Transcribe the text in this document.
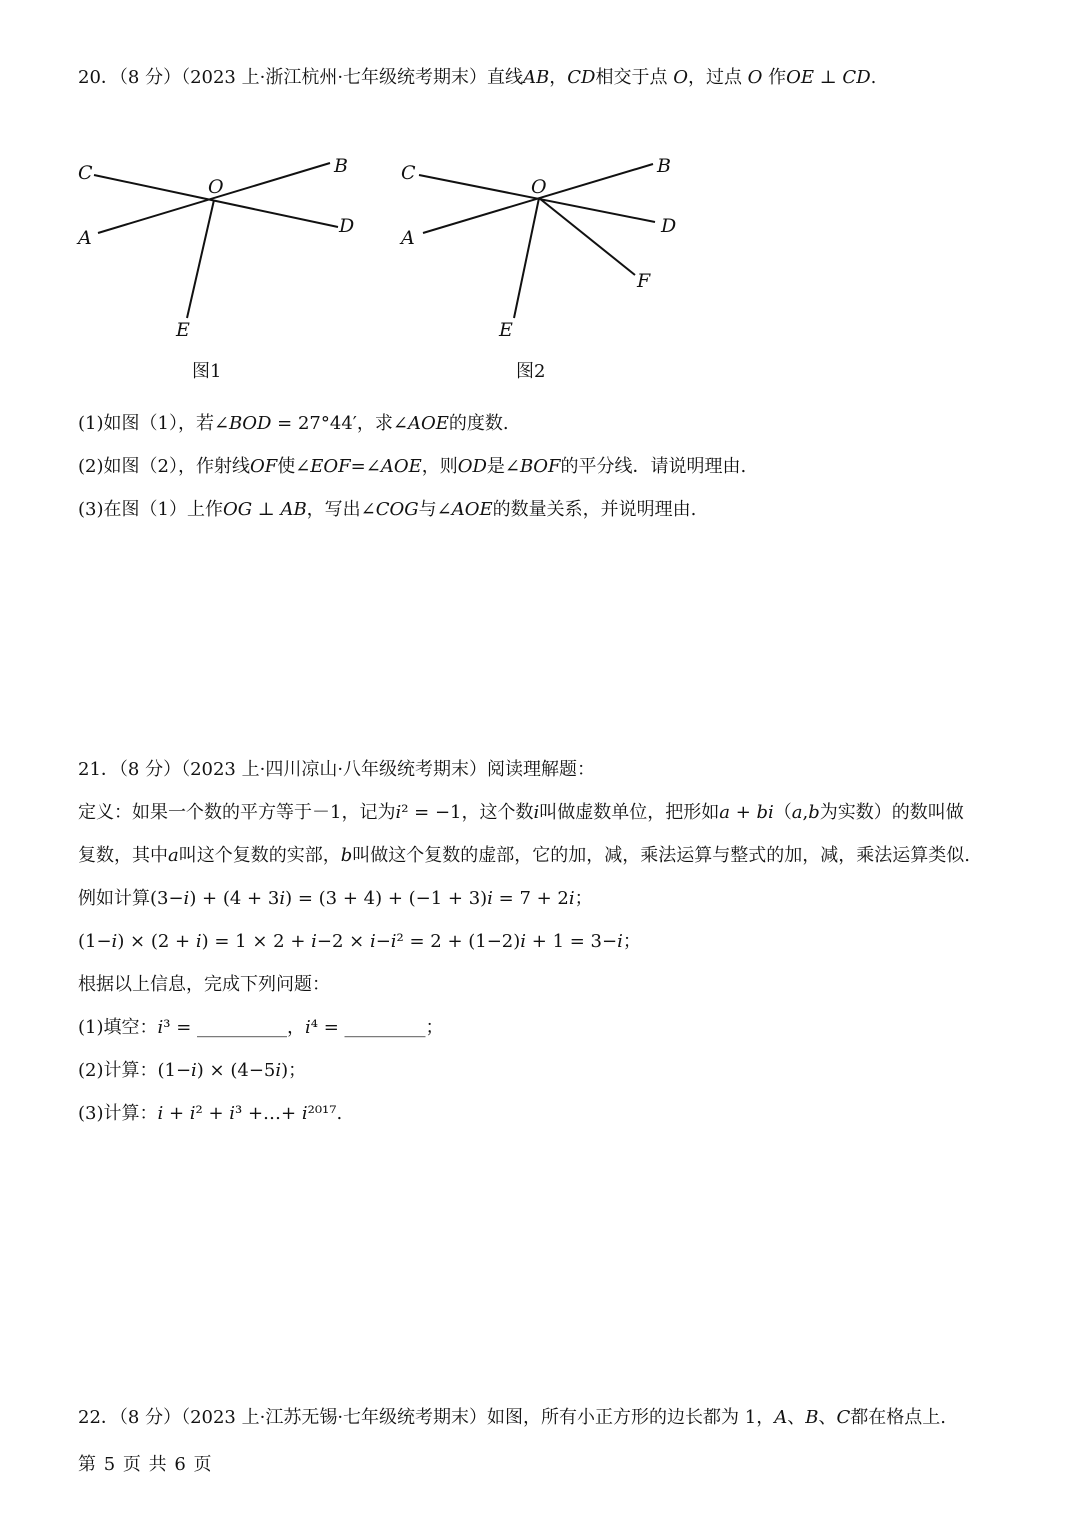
20．（8 分）（2023 上·浙江杭州·七年级统考期末）直线𝐴𝐵，𝐶𝐷相交于点 𝑂，过点 𝑂 作𝑂𝐸 ⊥ 𝐶𝐷.
C	B
O
A
D
E
图1
C	B
O
A
D
F
E
图2
(1)如图（1），若∠𝐵𝑂𝐷 = 27°44′，求∠𝐴𝑂𝐸的度数.
(2)如图（2），作射线𝑂𝐹使∠𝐸𝑂𝐹=∠𝐴𝑂𝐸，则𝑂𝐷是∠𝐵𝑂𝐹的平分线．请说明理由.
(3)在图（1）上作𝑂𝐺 ⊥ 𝐴𝐵，写出∠𝐶𝑂𝐺与∠𝐴𝑂𝐸的数量关系，并说明理由.
21．（8 分）（2023 上·四川凉山·八年级统考期末）阅读理解题：
定义：如果一个数的平方等于－1，记为𝑖² = −1，这个数𝑖叫做虚数单位，把形如𝑎 + 𝑏𝑖（𝑎,𝑏为实数）的数叫做
复数，其中𝑎叫这个复数的实部，𝑏叫做这个复数的虚部，它的加，减，乘法运算与整式的加，减，乘法运算类似.
例如计算(3−𝑖) + (4 + 3𝑖) = (3 + 4) + (−1 + 3)𝑖 = 7 + 2𝑖；
(1−𝑖) × (2 + 𝑖) = 1 × 2 + 𝑖−2 × 𝑖−𝑖² = 2 + (1−2)𝑖 + 1 = 3−𝑖；
根据以上信息，完成下列问题：
(1)填空：𝑖³ = __________，𝑖⁴ = _________；
(2)计算：(1−𝑖) × (4−5𝑖)；
(3)计算：𝑖 + 𝑖² + 𝑖³ +…+ 𝑖²⁰¹⁷.
22．（8 分）（2023 上·江苏无锡·七年级统考期末）如图，所有小正方形的边长都为 1，𝐴、𝐵、𝐶都在格点上.
第 5 页 共 6 页
